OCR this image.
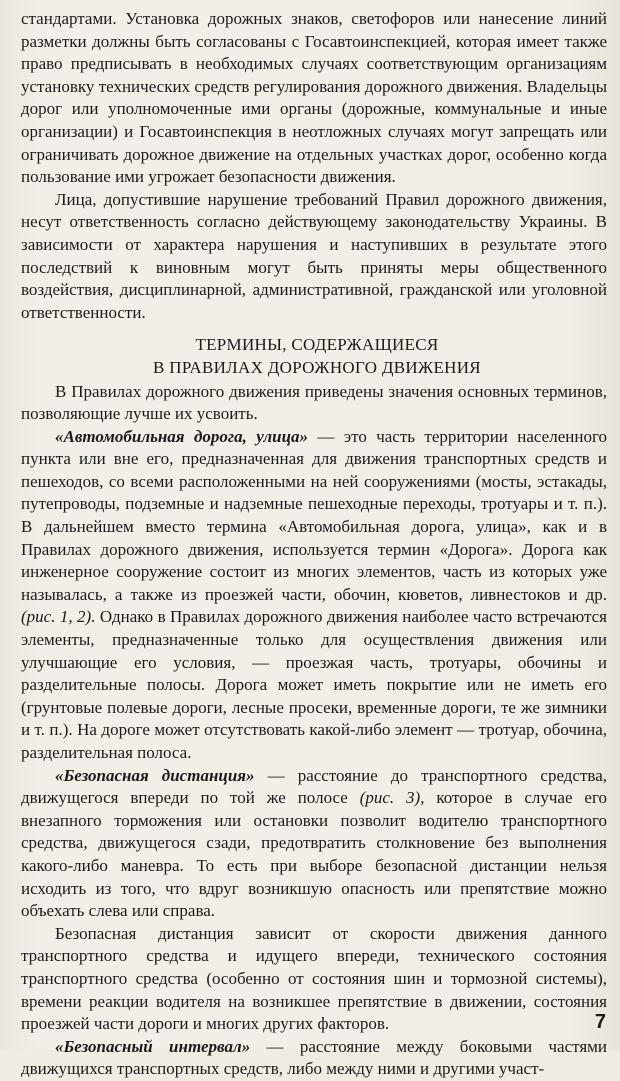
стандартами. Установка дорожных знаков, светофоров или нанесение линий разметки должны быть согласованы с Госавтоинспекцией, которая имеет также право предписывать в необходимых случаях соответствующим организациям установку технических средств регулирования дорожного движения. Владельцы дорог или уполномоченные ими органы (дорожные, коммунальные и иные организации) и Госавтоинспекция в неотложных случаях могут запрещать или ограничивать дорожное движение на отдельных участках дорог, особенно когда пользование ими угрожает безопасности движения.

Лица, допустившие нарушение требований Правил дорожного движения, несут ответственность согласно действующему законодательству Украины. В зависимости от характера нарушения и наступивших в результате этого последствий к виновным могут быть приняты меры общественного воздействия, дисциплинарной, административной, гражданской или уголовной ответственности.

ТЕРМИНЫ, СОДЕРЖАЩИЕСЯ
В ПРАВИЛАХ ДОРОЖНОГО ДВИЖЕНИЯ

В Правилах дорожного движения приведены значения основных терминов, позволяющие лучше их усвоить.

«Автомобильная дорога, улица» — это часть территории населенного пункта или вне его, предназначенная для движения транспортных средств и пешеходов, со всеми расположенными на ней сооружениями (мосты, эстакады, путепроводы, подземные и надземные пешеходные переходы, тротуары и т. п.). В дальнейшем вместо термина «Автомобильная дорога, улица», как и в Правилах дорожного движения, используется термин «Дорога». Дорога как инженерное сооружение состоит из многих элементов, часть из которых уже называлась, а также из проезжей части, обочин, кюветов, ливнестоков и др. (рис. 1, 2). Однако в Правилах дорожного движения наиболее часто встречаются элементы, предназначенные только для осуществления движения или улучшающие его условия, — проезжая часть, тротуары, обочины и разделительные полосы. Дорога может иметь покрытие или не иметь его (грунтовые полевые дороги, лесные просеки, временные дороги, те же зимники и т. п.). На дороге может отсутствовать какой-либо элемент — тротуар, обочина, разделительная полоса.

«Безопасная дистанция» — расстояние до транспортного средства, движущегося впереди по той же полосе (рис. 3), которое в случае его внезапного торможения или остановки позволит водителю транспортного средства, движущегося сзади, предотвратить столкновение без выполнения какого-либо маневра. То есть при выборе безопасной дистанции нельзя исходить из того, что вдруг возникшую опасность или препятствие можно объехать слева или справа.

Безопасная дистанция зависит от скорости движения данного транспортного средства и идущего впереди, технического состояния транспортного средства (особенно от состояния шин и тормозной системы), времени реакции водителя на возникшее препятствие в движении, состояния проезжей части дороги и многих других факторов.

«Безопасный интервал» — расстояние между боковыми частями движущихся транспортных средств, либо между ними и другими участ-

7
